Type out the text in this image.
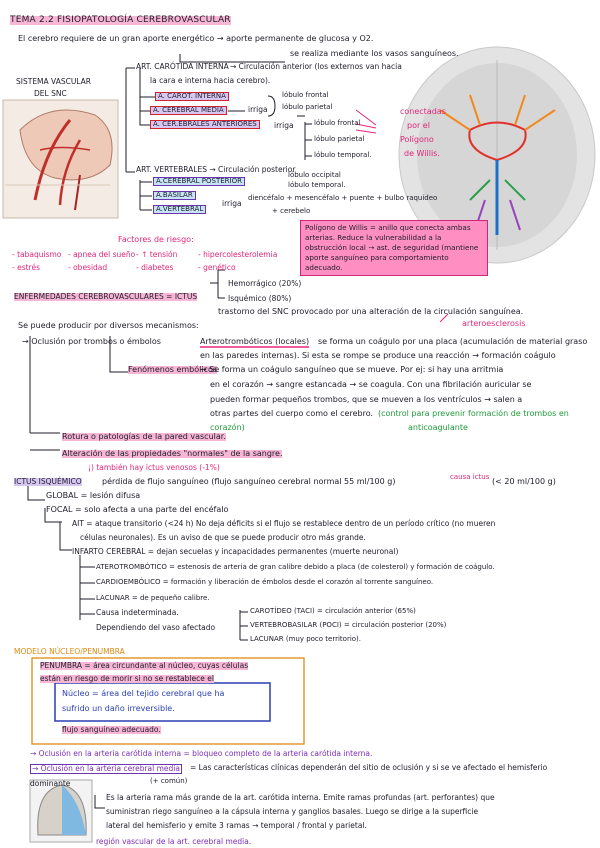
TEMA 2.2 FISIOPATOLOGÍA CEREBROVASCULAR
El cerebro requiere de un gran aporte energético → aporte permanente de glucosa y O2.
se realiza mediante los vasos sanguíneos.
SISTEMA VASCULAR
DEL SNC
ART. CARÓTIDA INTERNA → Circulación anterior (los externos van hacia
la cara e interna hacia cerebro).
A. CAROT. INTERNA
A. CEREBRAL MEDIA
A. CER.EBRALES ANTERIORES
irriga
lóbulo frontal
lóbulo parietal
irriga	lóbulo frontal
lóbulo parietal
lóbulo temporal.
conectadas
por el
Polígono
de Willis.
ART. VERTEBRALES → Circulación posterior
A.CEREBRAL POSTERIOR
A.BASILAR
A.VERTEBRAL
lóbulo occipital
lóbulo temporal.
irriga
diencéfalo + mesencéfalo + puente + bulbo raquídeo
+ cerebelo
Polígono de Willis = anillo que conecta ambas arterias. Reduce la vulnerabilidad a la obstrucción local → ast. de seguridad (mantiene aporte sanguíneo para comportamiento adecuado.
Factores de riesgo:
- tabaquismo - apnea del sueño - ↑ tensión	- hipercolesterolemia
- estrés	- obesidad	- diabetes	- genético
ENFERMEDADES CEREBROVASCULARES = ICTUS
Hemorrágico (20%)
Isquémico (80%)
trastorno del SNC provocado por una alteración de la circulación sanguínea.
arteroesclerosis
Se puede producir por diversos mecanismos:
→ Oclusión por trombos o émbolos	Arterotrombóticos (locales) se forma un coágulo por una placa (acumulación de material graso
en las paredes internas). Si esta se rompe se produce una reacción → formación coágulo
Fenómenos embólicos
→ Se forma un coágulo sanguíneo que se mueve. Por ej: si hay una arritmia
en el corazón → sangre estancada → se coagula. Con una fibrilación auricular se
pueden formar pequeños trombos, que se mueven a los ventrículos → salen a
otras partes del cuerpo como el cerebro. (control para prevenir formación de trombos en
corazón)	anticoagulante
Rotura o patologías de la pared vascular.
Alteración de las propiedades "normales" de la sangre.
¡) también hay ictus venosos (-1%)
ICTUS ISQUÉMICO	pérdida de flujo sanguíneo (flujo sanguíneo cerebral normal 55 ml/100 g)	causa ictus (< 20 ml/100 g)
GLOBAL = lesión difusa
FOCAL = solo afecta a una parte del encéfalo
AIT = ataque transitorio (<24 h) No deja déficits si el flujo se restablece dentro de un período crítico (no mueren
células neuronales). Es un aviso de que se puede producir otro más grande.
INFARTO CEREBRAL = dejan secuelas y incapacidades permanentes (muerte neuronal)
ATEROTROMBÓTICO = estenosis de arteria de gran calibre debido a placa (de colesterol) y formación de coágulo.
CARDIOEMBÓLICO = formación y liberación de émbolos desde el corazón al torrente sanguíneo.
LACUNAR = de pequeño calibre.
Causa indeterminada.
Dependiendo del vaso afectado
CAROTÍDEO (TACI) = circulación anterior (65%)
VERTEBROBASILAR (POCI) = circulación posterior (20%)
LACUNAR (muy poco territorio).
MODELO NÚCLEO/PENUMBRA
PENUMBRA = área circundante al núcleo, cuyas células
están en riesgo de morir si no se restablece el
Núcleo = área del tejido cerebral que ha
sufrido un daño irreversible.
flujo sanguíneo adecuado.
→ Oclusión en la arteria carótida interna = bloqueo completo de la arteria carótida interna.
→ Oclusión en la arteria cerebral media = Las características clínicas dependerán del sitio de oclusión y si se ve afectado el hemisferio
dominante	(+ común)
Es la arteria rama más grande de la art. carótida interna. Emite ramas profundas (art. perforantes) que
suministran riego sanguíneo a la cápsula interna y ganglios basales. Luego se dirige a la superficie
lateral del hemisferio y emite 3 ramas → temporal / frontal y parietal.
región vascular de la art. cerebral media.
